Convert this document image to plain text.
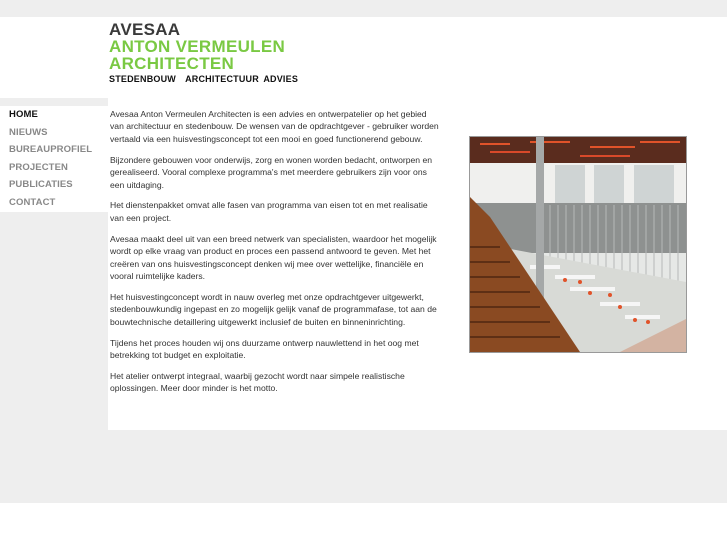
AVESAA
ANTON VERMEULEN
ARCHITECTEN
STEDENBOUW  ARCHITECTUUR ADVIES
HOME
NIEUWS
BUREAUPROFIEL
PROJECTEN
PUBLICATIES
CONTACT

Avesaa Anton Vermeulen Architecten is een advies en ontwerpatelier op het gebied van architectuur en stedenbouw. De wensen van de opdrachtgever - gebruiker worden vertaald via een huisvestingsconcept tot een mooi en goed functionerend gebouw.

Bijzondere gebouwen voor onderwijs, zorg en wonen worden bedacht, ontworpen en gerealiseerd. Vooral complexe programma's met meerdere gebruikers zijn voor ons een uitdaging.

Het dienstenpakket omvat alle fasen van programma van eisen tot en met realisatie van een project.

Avesaa maakt deel uit van een breed netwerk van specialisten, waardoor het mogelijk wordt op elke vraag van product en proces een passend antwoord te geven. Met het creëren van ons huisvestingsconcept denken wij mee over wettelijke, financiële en vooral ruimtelijke kaders.

Het huisvestingconcept wordt in nauw overleg met onze opdrachtgever uitgewerkt, stedenbouwkundig ingepast en zo mogelijk gelijk vanaf de programmafase, tot aan de bouwtechnische detaillering uitgewerkt inclusief de buiten en binneninrichting.

Tijdens het proces houden wij ons duurzame ontwerp nauwlettend in het oog met betrekking tot budget en exploitatie.

Het atelier ontwerpt integraal, waarbij gezocht wordt naar simpele realistische oplossingen. Meer door minder is het motto.
